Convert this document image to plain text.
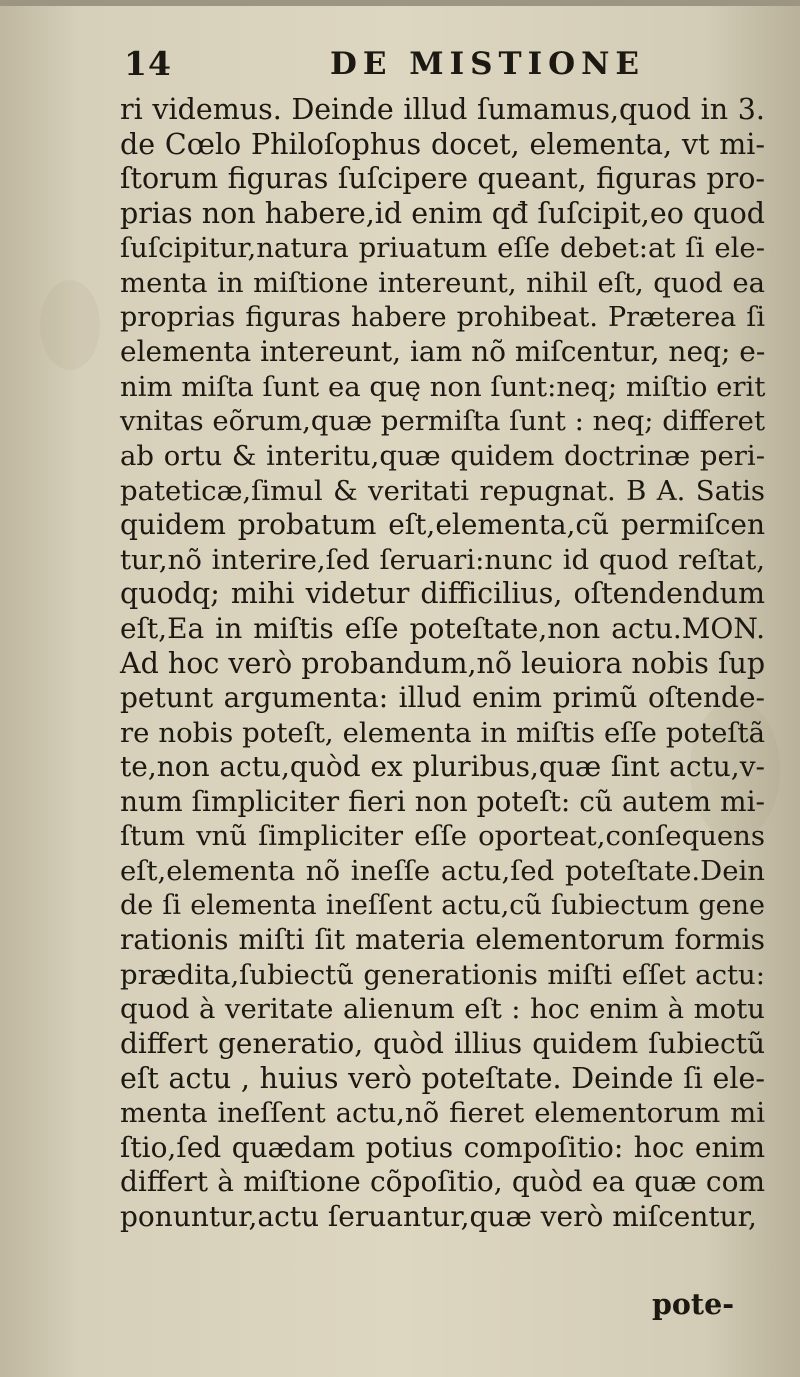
14	DE MISTIONE
ri videmus. Deinde illud ſumamus,quod in 3.
de Cœlo Philoſophus docet, elementa, vt mi-
ſtorum figuras ſuſcipere queant, figuras pro-
prias non habere,id enim qđ ſuſcipit,eo quod
ſuſcipitur,natura priuatum eſſe debet:at ſi ele-
menta in miſtione intereunt, nihil eſt, quod ea
proprias figuras habere prohibeat. Præterea ſi
elementa intereunt, iam nõ miſcentur, neq; e-
nim miſta ſunt ea quę non ſunt:neq; miſtio erit
vnitas eõrum,quæ permiſta ſunt : neq; differet
ab ortu & interitu,quæ quidem doctrinæ peri-
pateticæ,ſimul & veritati repugnat. B A. Satis
quidem probatum eſt,elementa,cũ permiſcen
tur,nõ interire,ſed ſeruari:nunc id quod reſtat,
quodq; mihi videtur difficilius, oſtendendum
eſt,Ea in miſtis eſſe poteſtate,non actu.MON.
Ad hoc verò probandum,nõ leuiora nobis ſup
petunt argumenta: illud enim primũ oſtende-
re nobis poteſt, elementa in miſtis eſſe poteſtã
te,non actu,quòd ex pluribus,quæ ſint actu,v-
num ſimpliciter fieri non poteſt: cũ autem mi-
ſtum vnũ ſimpliciter eſſe oporteat,conſequens
eſt,elementa nõ ineſſe actu,ſed poteſtate.Dein
de ſi elementa ineſſent actu,cũ ſubiectum gene
rationis miſti ſit materia elementorum formis
prædita,ſubiectũ generationis miſti eſſet actu:
quod à veritate alienum eſt : hoc enim à motu
differt generatio, quòd illius quidem ſubiectũ
eſt actu , huius verò poteſtate. Deinde ſi ele-
menta ineſſent actu,nõ fieret elementorum mi
ſtio,ſed quædam potius compoſitio: hoc enim
differt à miſtione cõpoſitio, quòd ea quæ com
ponuntur,actu ſeruantur,quæ verò miſcentur,
pote-
